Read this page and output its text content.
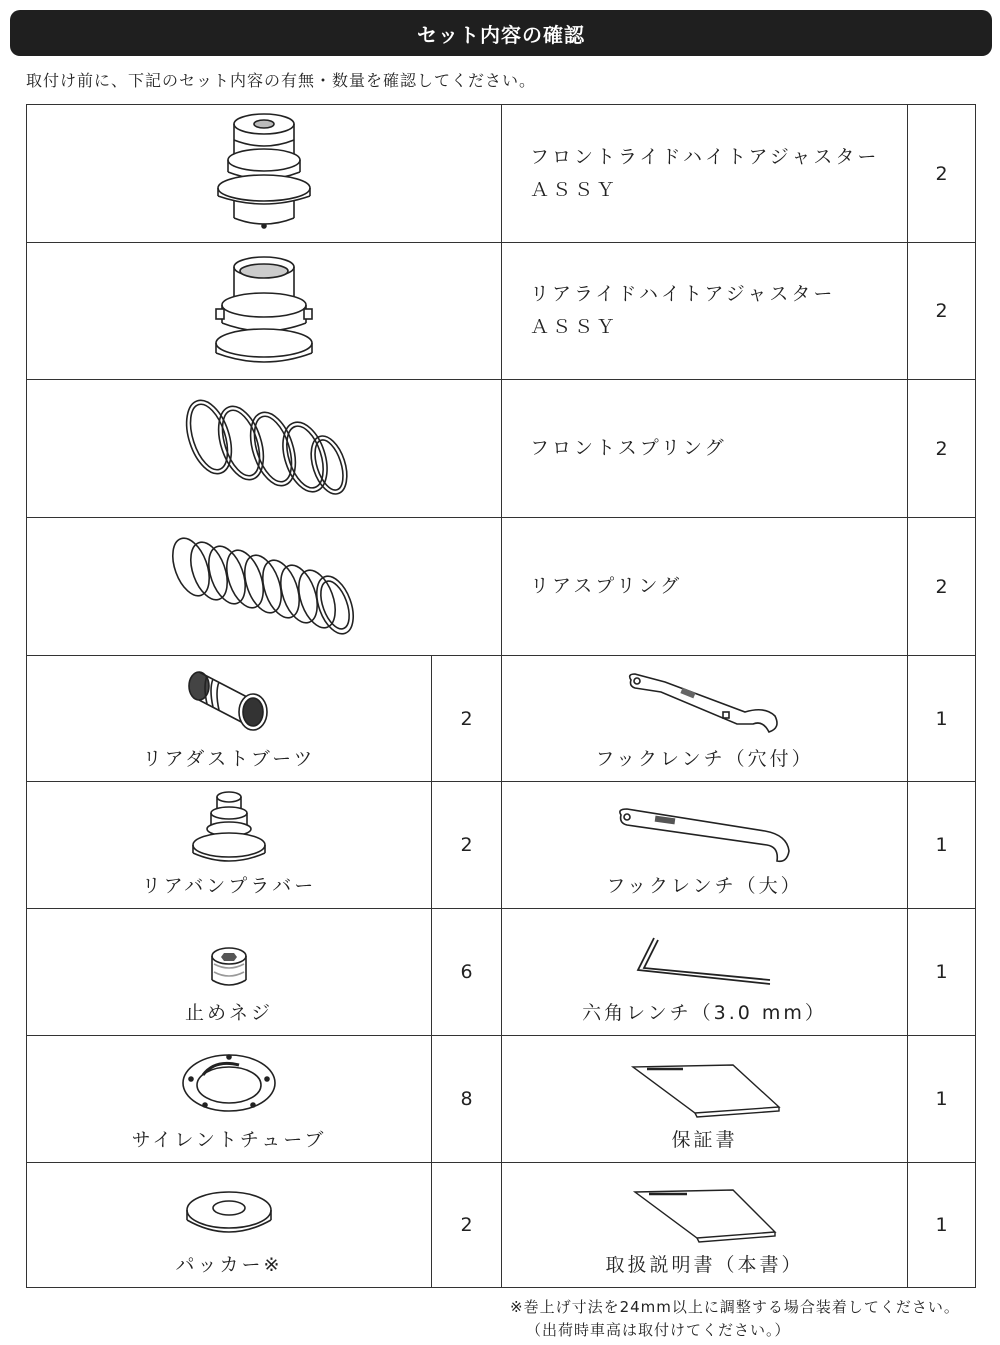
セット内容の確認
取付け前に、下記のセット内容の有無・数量を確認してください。
フロントライドハイトアジャスター
ＡＳＳＹ
2
リアライドハイトアジャスター
ＡＳＳＹ
2
フロントスプリング	2
リアスプリング	2
リアダストブーツ
2
フックレンチ（穴付）
1
リアバンプラバー
2
フックレンチ（大）
1
止めネジ
6
六角レンチ（3.0 mm）
1
サイレントチューブ
8
保証書
1
パッカー※
2
取扱説明書（本書）
1
※巻上げ寸法を24mm以上に調整する場合装着してください。
（出荷時車高は取付けてください。）
